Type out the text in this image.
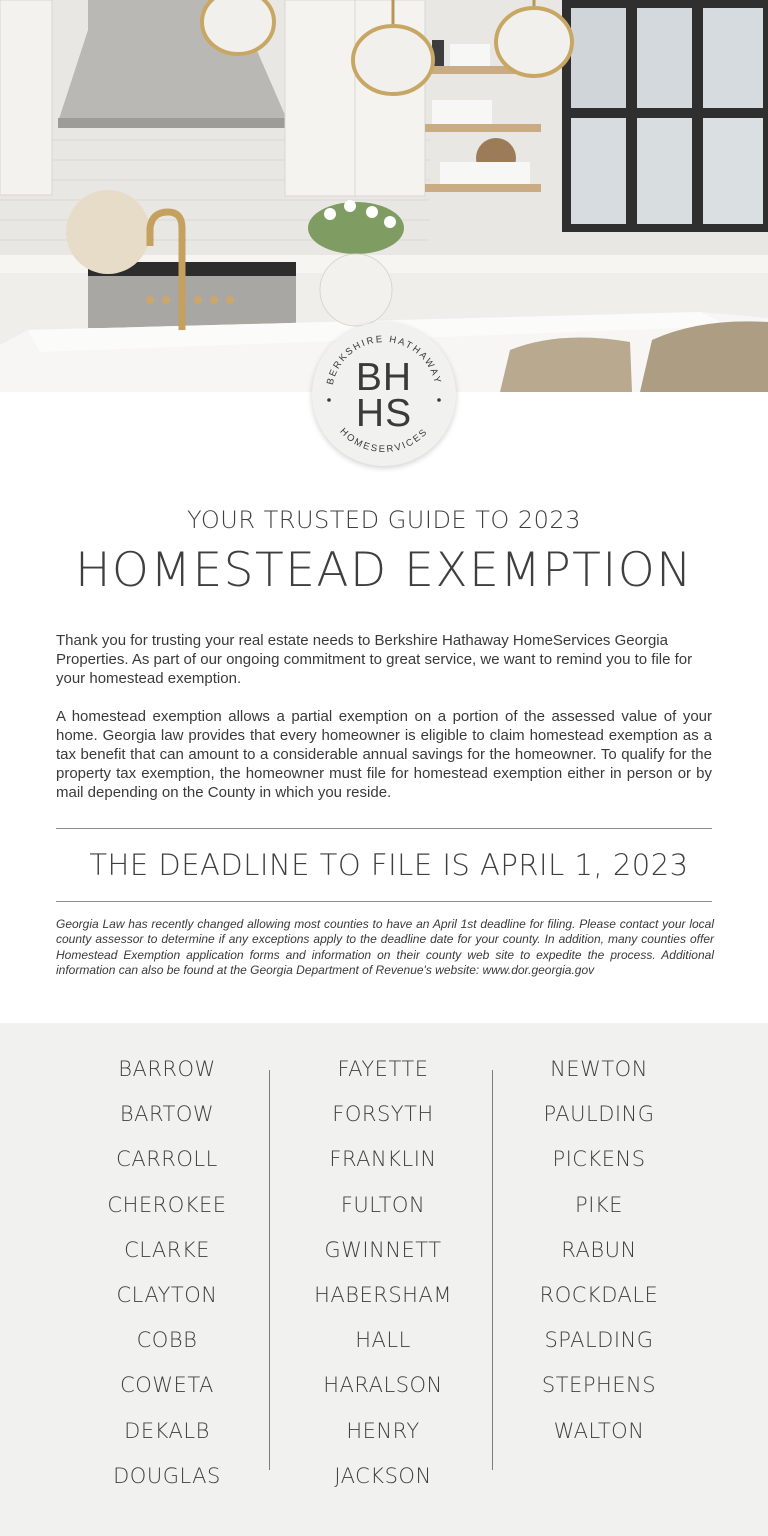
BERKSHIRE HATHAWAY
HOMESERVICES
BH
HS
YOUR TRUSTED GUIDE TO 2023
HOMESTEAD EXEMPTION

Thank you for trusting your real estate needs to Berkshire Hathaway HomeServices Georgia Properties. As part of our ongoing commitment to great service, we want to remind you to file for your homestead exemption.

A homestead exemption allows a partial exemption on a portion of the assessed value of your home. Georgia law provides that every homeowner is eligible to claim homestead exemption as a tax benefit that can amount to a considerable annual savings for the homeowner. To qualify for the property tax exemption, the homeowner must file for homestead exemption either in person or by mail depending on the County in which you reside.

THE DEADLINE TO FILE IS APRIL 1, 2023

Georgia Law has recently changed allowing most counties to have an April 1st deadline for filing. Please contact your local county assessor to determine if any exceptions apply to the deadline date for your county. In addition, many counties offer Homestead Exemption application forms and information on their county web site to expedite the process. Additional information can also be found at the Georgia Department of Revenue's website: www.dor.georgia.gov

BARROW
BARTOW
CARROLL
CHEROKEE
CLARKE
CLAYTON
COBB
COWETA
DEKALB
DOUGLAS
FAYETTE
FORSYTH
FRANKLIN
FULTON
GWINNETT
HABERSHAM
HALL
HARALSON
HENRY
JACKSON
NEWTON
PAULDING
PICKENS
PIKE
RABUN
ROCKDALE
SPALDING
STEPHENS
WALTON
